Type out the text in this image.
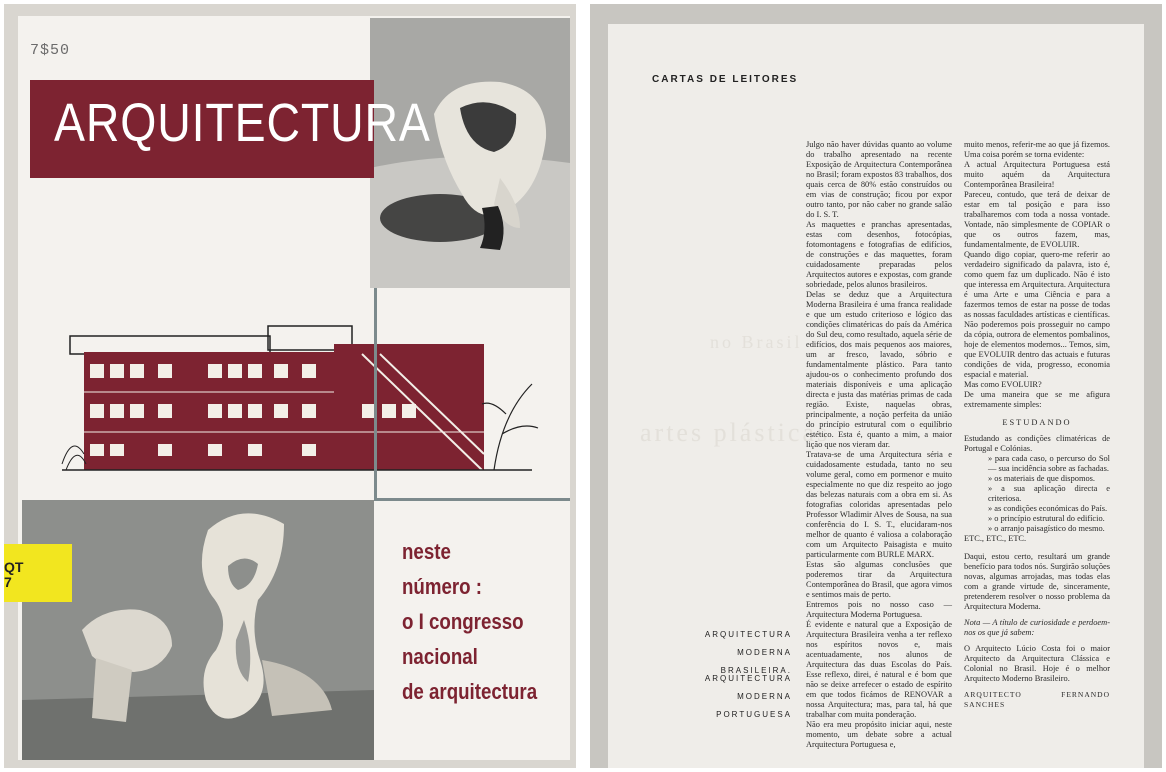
7$50
ARQUITECTURA
QT
7
neste
número :
o I congresso
nacional
de arquitectura
no Brasil
artes plásticas
CARTAS DE LEITORES
ARQUITECTURA MODERNA
BRASILEIRA.
ARQUITECTURA MODERNA
PORTUGUESA

Julgo não haver dúvidas quanto ao volume do trabalho apresentado na recente Exposição de Arquitectura Contemporânea no Brasil; foram expostos 83 trabalhos, dos quais cerca de 80% estão construídos ou em vias de construção; ficou por expor outro tanto, por não caber no grande salão do I. S. T.

As maquettes e pranchas apresentadas, estas com desenhos, fotocópias, fotomontagens e fotografias de edifícios, de construções e das maquettes, foram cuidadosamente preparadas pelos Arquitectos autores e expostas, com grande sobriedade, pelos alunos brasileiros.

Delas se deduz que a Arquitectura Moderna Brasileira é uma franca realidade e que um estudo criterioso e lógico das condições climatéricas do país da América do Sul deu, como resultado, aquela série de edifícios, dos mais pequenos aos maiores, um ar fresco, lavado, sóbrio e fundamentalmente plástico. Para tanto ajudou-os o conhecimento profundo dos materiais disponíveis e uma aplicação directa e justa das matérias primas de cada região. Existe, naquelas obras, principalmente, a noção perfeita da união do princípio estrutural com o equilíbrio estético. Esta é, quanto a mim, a maior lição que nos vieram dar.

Tratava-se de uma Arquitectura séria e cuidadosamente estudada, tanto no seu volume geral, como em pormenor e muito especialmente no que diz respeito ao jogo das belezas naturais com a obra em si. As fotografias coloridas apresentadas pelo Professor Wladimir Alves de Sousa, na sua conferência do I. S. T., elucidaram-nos melhor de quanto é valiosa a colaboração com um Arquitecto Paisagista e muito particularmente com BURLE MARX.

Estas são algumas conclusões que poderemos tirar da Arquitectura Contemporânea do Brasil, que agora vimos e sentimos mais de perto.

Entremos pois no nosso caso — Arquitectura Moderna Portuguesa.

É evidente e natural que a Exposição de Arquitectura Brasileira venha a ter reflexo nos espíritos novos e, mais acentuadamente, nos alunos de Arquitectura das duas Escolas do País. Esse reflexo, direi, é natural e é bom que não se deixe arrefecer o estado de espírito em que todos ficámos de RENOVAR a nossa Arquitectura; mas, para tal, há que trabalhar com muita ponderação.

Não era meu propósito iniciar aqui, neste momento, um debate sobre a actual Arquitectura Portuguesa e,

muito menos, referir-me ao que já fizemos. Uma coisa porém se torna evidente:

A actual Arquitectura Portuguesa está muito aquém da Arquitectura Contemporânea Brasileira!

Pareceu, contudo, que terá de deixar de estar em tal posição e para isso trabalharemos com toda a nossa vontade. Vontade, não simplesmente de COPIAR o que os outros fazem, mas, fundamentalmente, de EVOLUIR.

Quando digo copiar, quero-me referir ao verdadeiro significado da palavra, isto é, como quem faz um duplicado. Não é isto que interessa em Arquitectura. Arquitectura é uma Arte e uma Ciência e para a fazermos temos de estar na posse de todas as nossas faculdades artísticas e científicas. Não poderemos pois prosseguir no campo da cópia, outrora de elementos pombalinos, hoje de elementos modernos... Temos, sim, que EVOLUIR dentro das actuais e futuras condições de vida, progresso, economia espacial e material.

Mas como EVOLUIR?

De uma maneira que se me afigura extremamente simples:

ESTUDANDO

Estudando as condições climatéricas de Portugal e Colónias.

» para cada caso, o percurso do Sol — sua incidência sobre as fachadas.

» os materiais de que dispomos.

» a sua aplicação directa e criteriosa.

» as condições económicas do País.

» o princípio estrutural do edifício.

» o arranjo paisagístico do mesmo.

ETC., ETC., ETC.

Daqui, estou certo, resultará um grande benefício para todos nós. Surgirão soluções novas, algumas arrojadas, mas todas elas com a grande virtude de, sinceramente, pretenderem resolver o nosso problema da Arquitectura Moderna.

Nota — A título de curiosidade e perdoem-nos os que já sabem:

O Arquitecto Lúcio Costa foi o maior Arquitecto da Arquitectura Clássica e Colonial no Brasil. Hoje é o melhor Arquitecto Moderno Brasileiro.

ARQUITECTO FERNANDO SANCHES
